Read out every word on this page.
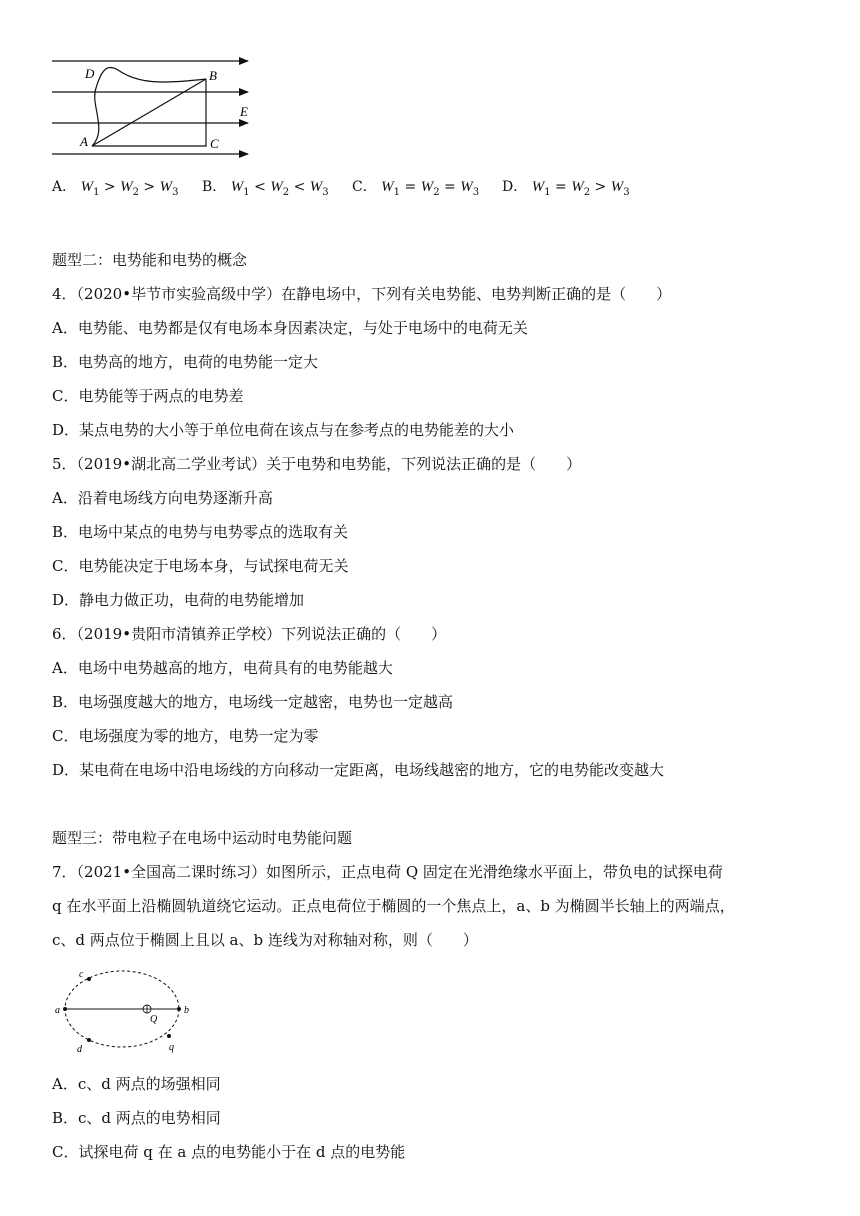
D	B
E
A	C
A． $W_1 > W_2 > W_3$ B． $W_1 < W_2 < W_3$ C． $W_1 = W_2 = W_3$ D． $W_1 = W_2 > W_3$
题型二：电势能和电势的概念
4．（2020•毕节市实验高级中学）在静电场中，下列有关电势能、电势判断正确的是（　　）
A．电势能、电势都是仅有电场本身因素决定，与处于电场中的电荷无关
B．电势高的地方，电荷的电势能一定大
C．电势能等于两点的电势差
D．某点电势的大小等于单位电荷在该点与在参考点的电势能差的大小
5．（2019•湖北高二学业考试）关于电势和电势能，下列说法正确的是（　　）
A．沿着电场线方向电势逐渐升高
B．电场中某点的电势与电势零点的选取有关
C．电势能决定于电场本身，与试探电荷无关
D．静电力做正功，电荷的电势能增加
6．（2019•贵阳市清镇养正学校）下列说法正确的（　　）
A．电场中电势越高的地方，电荷具有的电势能越大
B．电场强度越大的地方，电场线一定越密，电势也一定越高
C．电场强度为零的地方，电势一定为零
D．某电荷在电场中沿电场线的方向移动一定距离，电场线越密的地方，它的电势能改变越大
题型三：带电粒子在电场中运动时电势能问题
7．（2021•全国高二课时练习）如图所示，正点电荷 Q 固定在光滑绝缘水平面上，带负电的试探电荷
q 在水平面上沿椭圆轨道绕它运动。正点电荷位于椭圆的一个焦点上，a、b 为椭圆半长轴上的两端点，
c、d 两点位于椭圆上且以 a、b 连线为对称轴对称，则（　　）
a	b
c
d
Q
q
A．c、d 两点的场强相同
B．c、d 两点的电势相同
C．试探电荷 q 在 a 点的电势能小于在 d 点的电势能
